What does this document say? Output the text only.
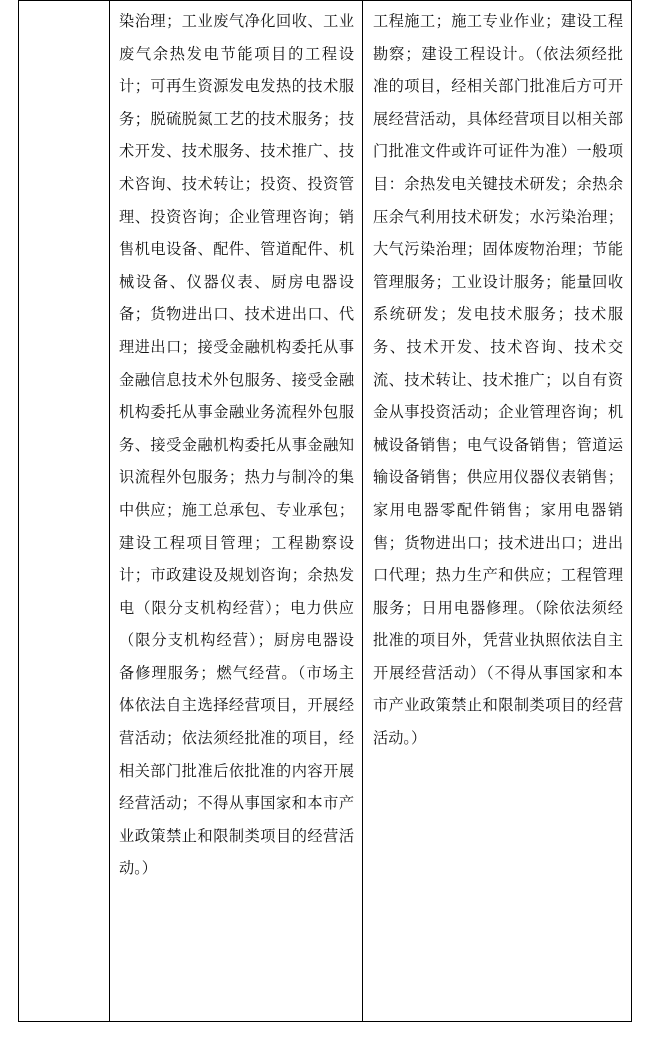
染治理；工业废气净化回收、工业废气余热发电节能项目的工程设计；可再生资源发电发热的技术服务；脱硫脱氮工艺的技术服务；技术开发、技术服务、技术推广、技术咨询、技术转让；投资、投资管理、投资咨询；企业管理咨询；销售机电设备、配件、管道配件、机械设备、仪器仪表、厨房电器设备；货物进出口、技术进出口、代理进出口；接受金融机构委托从事金融信息技术外包服务、接受金融机构委托从事金融业务流程外包服务、接受金融机构委托从事金融知识流程外包服务；热力与制冷的集中供应；施工总承包、专业承包；建设工程项目管理；工程勘察设计；市政建设及规划咨询；余热发电（限分支机构经营）；电力供应（限分支机构经营）；厨房电器设备修理服务；燃气经营。（市场主体依法自主选择经营项目，开展经营活动；依法须经批准的项目，经相关部门批准后依批准的内容开展经营活动；不得从事国家和本市产业政策禁止和限制类项目的经营活动。）

工程施工；施工专业作业；建设工程勘察；建设工程设计。（依法须经批准的项目，经相关部门批准后方可开展经营活动，具体经营项目以相关部门批准文件或许可证件为准）一般项目：余热发电关键技术研发；余热余压余气利用技术研发；水污染治理；大气污染治理；固体废物治理；节能管理服务；工业设计服务；能量回收系统研发；发电技术服务；技术服务、技术开发、技术咨询、技术交流、技术转让、技术推广；以自有资金从事投资活动；企业管理咨询；机械设备销售；电气设备销售；管道运输设备销售；供应用仪器仪表销售；家用电器零配件销售；家用电器销售；货物进出口；技术进出口；进出口代理；热力生产和供应；工程管理服务；日用电器修理。（除依法须经批准的项目外，凭营业执照依法自主开展经营活动）（不得从事国家和本市产业政策禁止和限制类项目的经营活动。）
